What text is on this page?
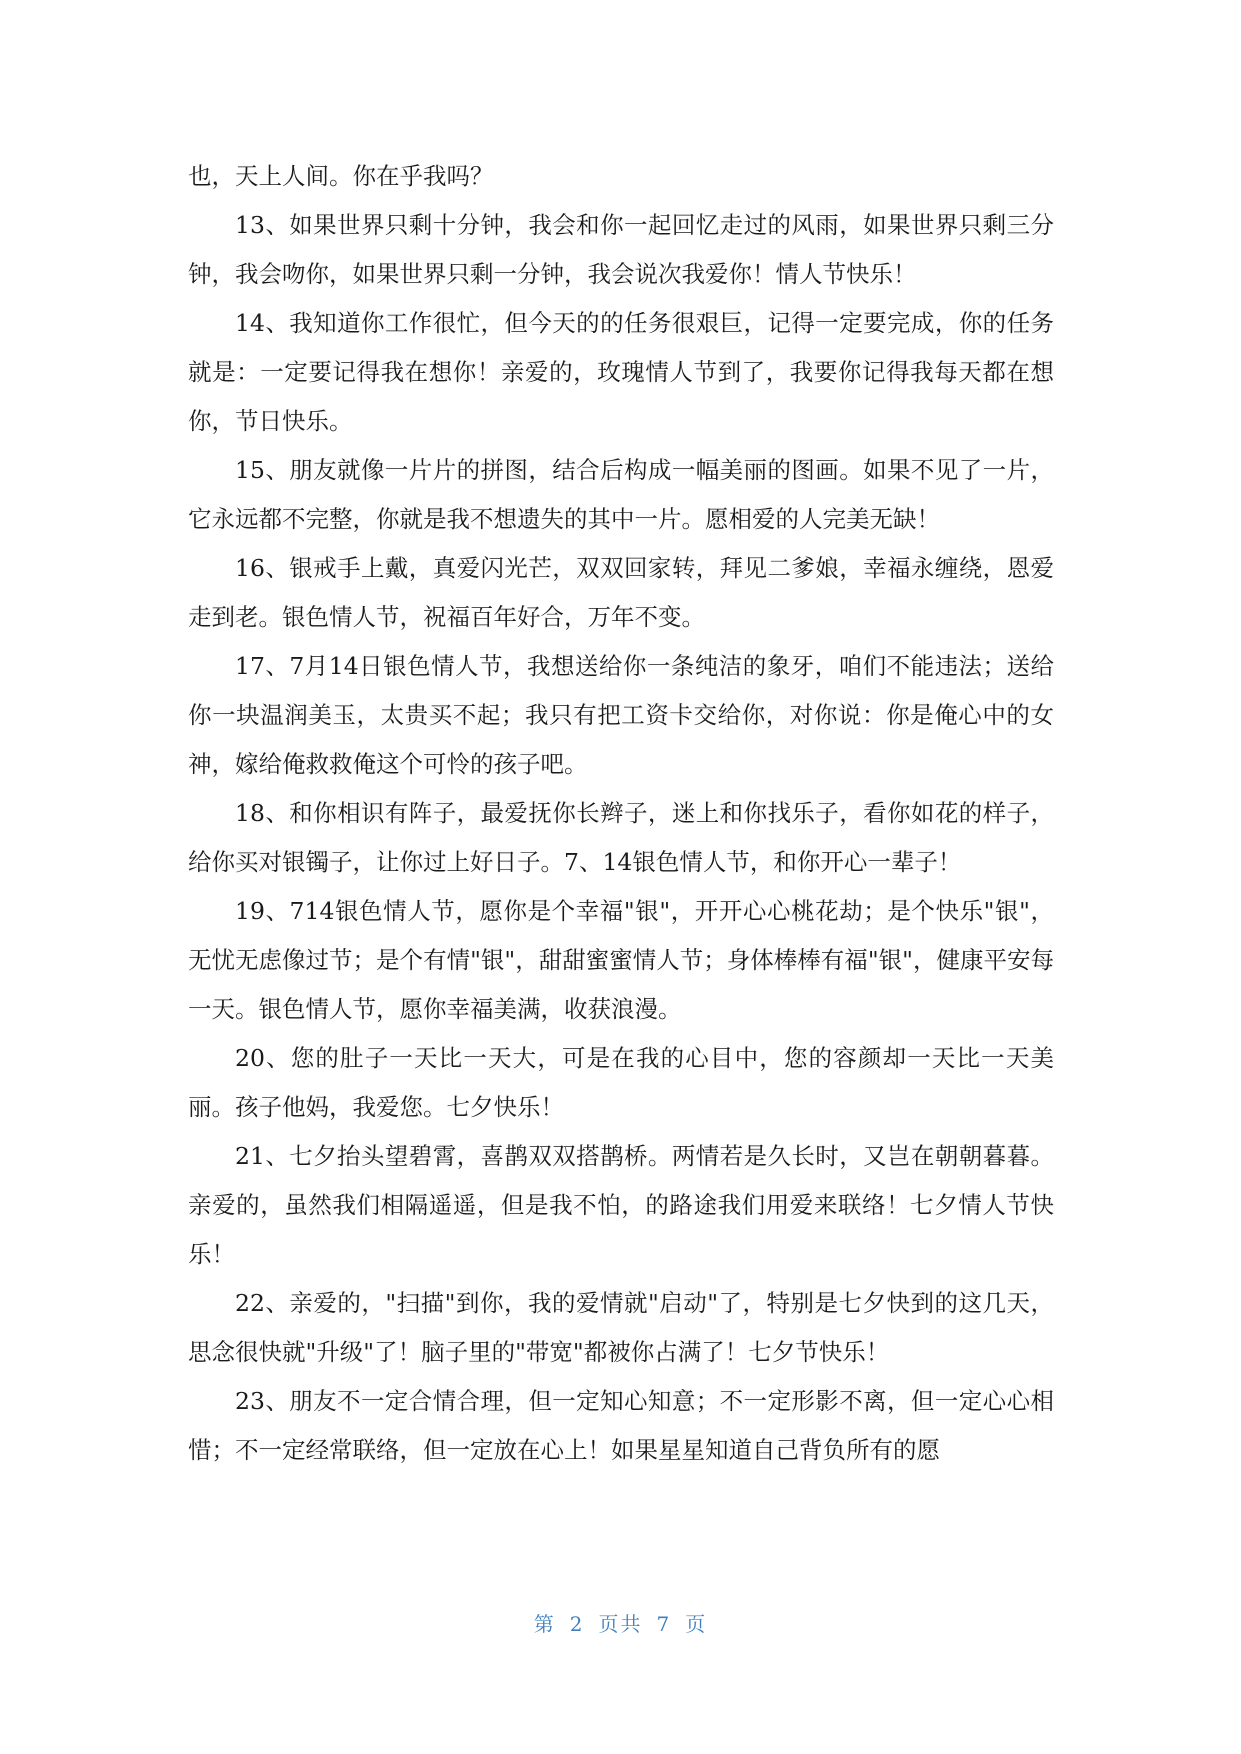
也，天上人间。你在乎我吗？

13、如果世界只剩十分钟，我会和你一起回忆走过的风雨，如果世界只剩三分钟，我会吻你，如果世界只剩一分钟，我会说次我爱你！情人节快乐！

14、我知道你工作很忙，但今天的的任务很艰巨，记得一定要完成，你的任务就是：一定要记得我在想你！亲爱的，玫瑰情人节到了，我要你记得我每天都在想你，节日快乐。

15、朋友就像一片片的拼图，结合后构成一幅美丽的图画。如果不见了一片，它永远都不完整，你就是我不想遗失的其中一片。愿相爱的人完美无缺！

16、银戒手上戴，真爱闪光芒，双双回家转，拜见二爹娘，幸福永缠绕，恩爱走到老。银色情人节，祝福百年好合，万年不变。

17、7月14日银色情人节，我想送给你一条纯洁的象牙，咱们不能违法；送给你一块温润美玉，太贵买不起；我只有把工资卡交给你，对你说：你是俺心中的女神，嫁给俺救救俺这个可怜的孩子吧。

18、和你相识有阵子，最爱抚你长辫子，迷上和你找乐子，看你如花的样子，给你买对银镯子，让你过上好日子。7、14银色情人节，和你开心一辈子！

19、714银色情人节，愿你是个幸福"银"，开开心心桃花劫；是个快乐"银"，无忧无虑像过节；是个有情"银"，甜甜蜜蜜情人节；身体棒棒有福"银"，健康平安每一天。银色情人节，愿你幸福美满，收获浪漫。

20、您的肚子一天比一天大，可是在我的心目中，您的容颜却一天比一天美丽。孩子他妈，我爱您。七夕快乐！

21、七夕抬头望碧霄，喜鹊双双搭鹊桥。两情若是久长时，又岂在朝朝暮暮。亲爱的，虽然我们相隔遥遥，但是我不怕，的路途我们用爱来联络！七夕情人节快乐！

22、亲爱的，"扫描"到你，我的爱情就"启动"了，特别是七夕快到的这几天，思念很快就"升级"了！脑子里的"带宽"都被你占满了！七夕节快乐！

23、朋友不一定合情合理，但一定知心知意；不一定形影不离，但一定心心相惜；不一定经常联络，但一定放在心上！如果星星知道自己背负所有的愿

第 2 页共 7 页
